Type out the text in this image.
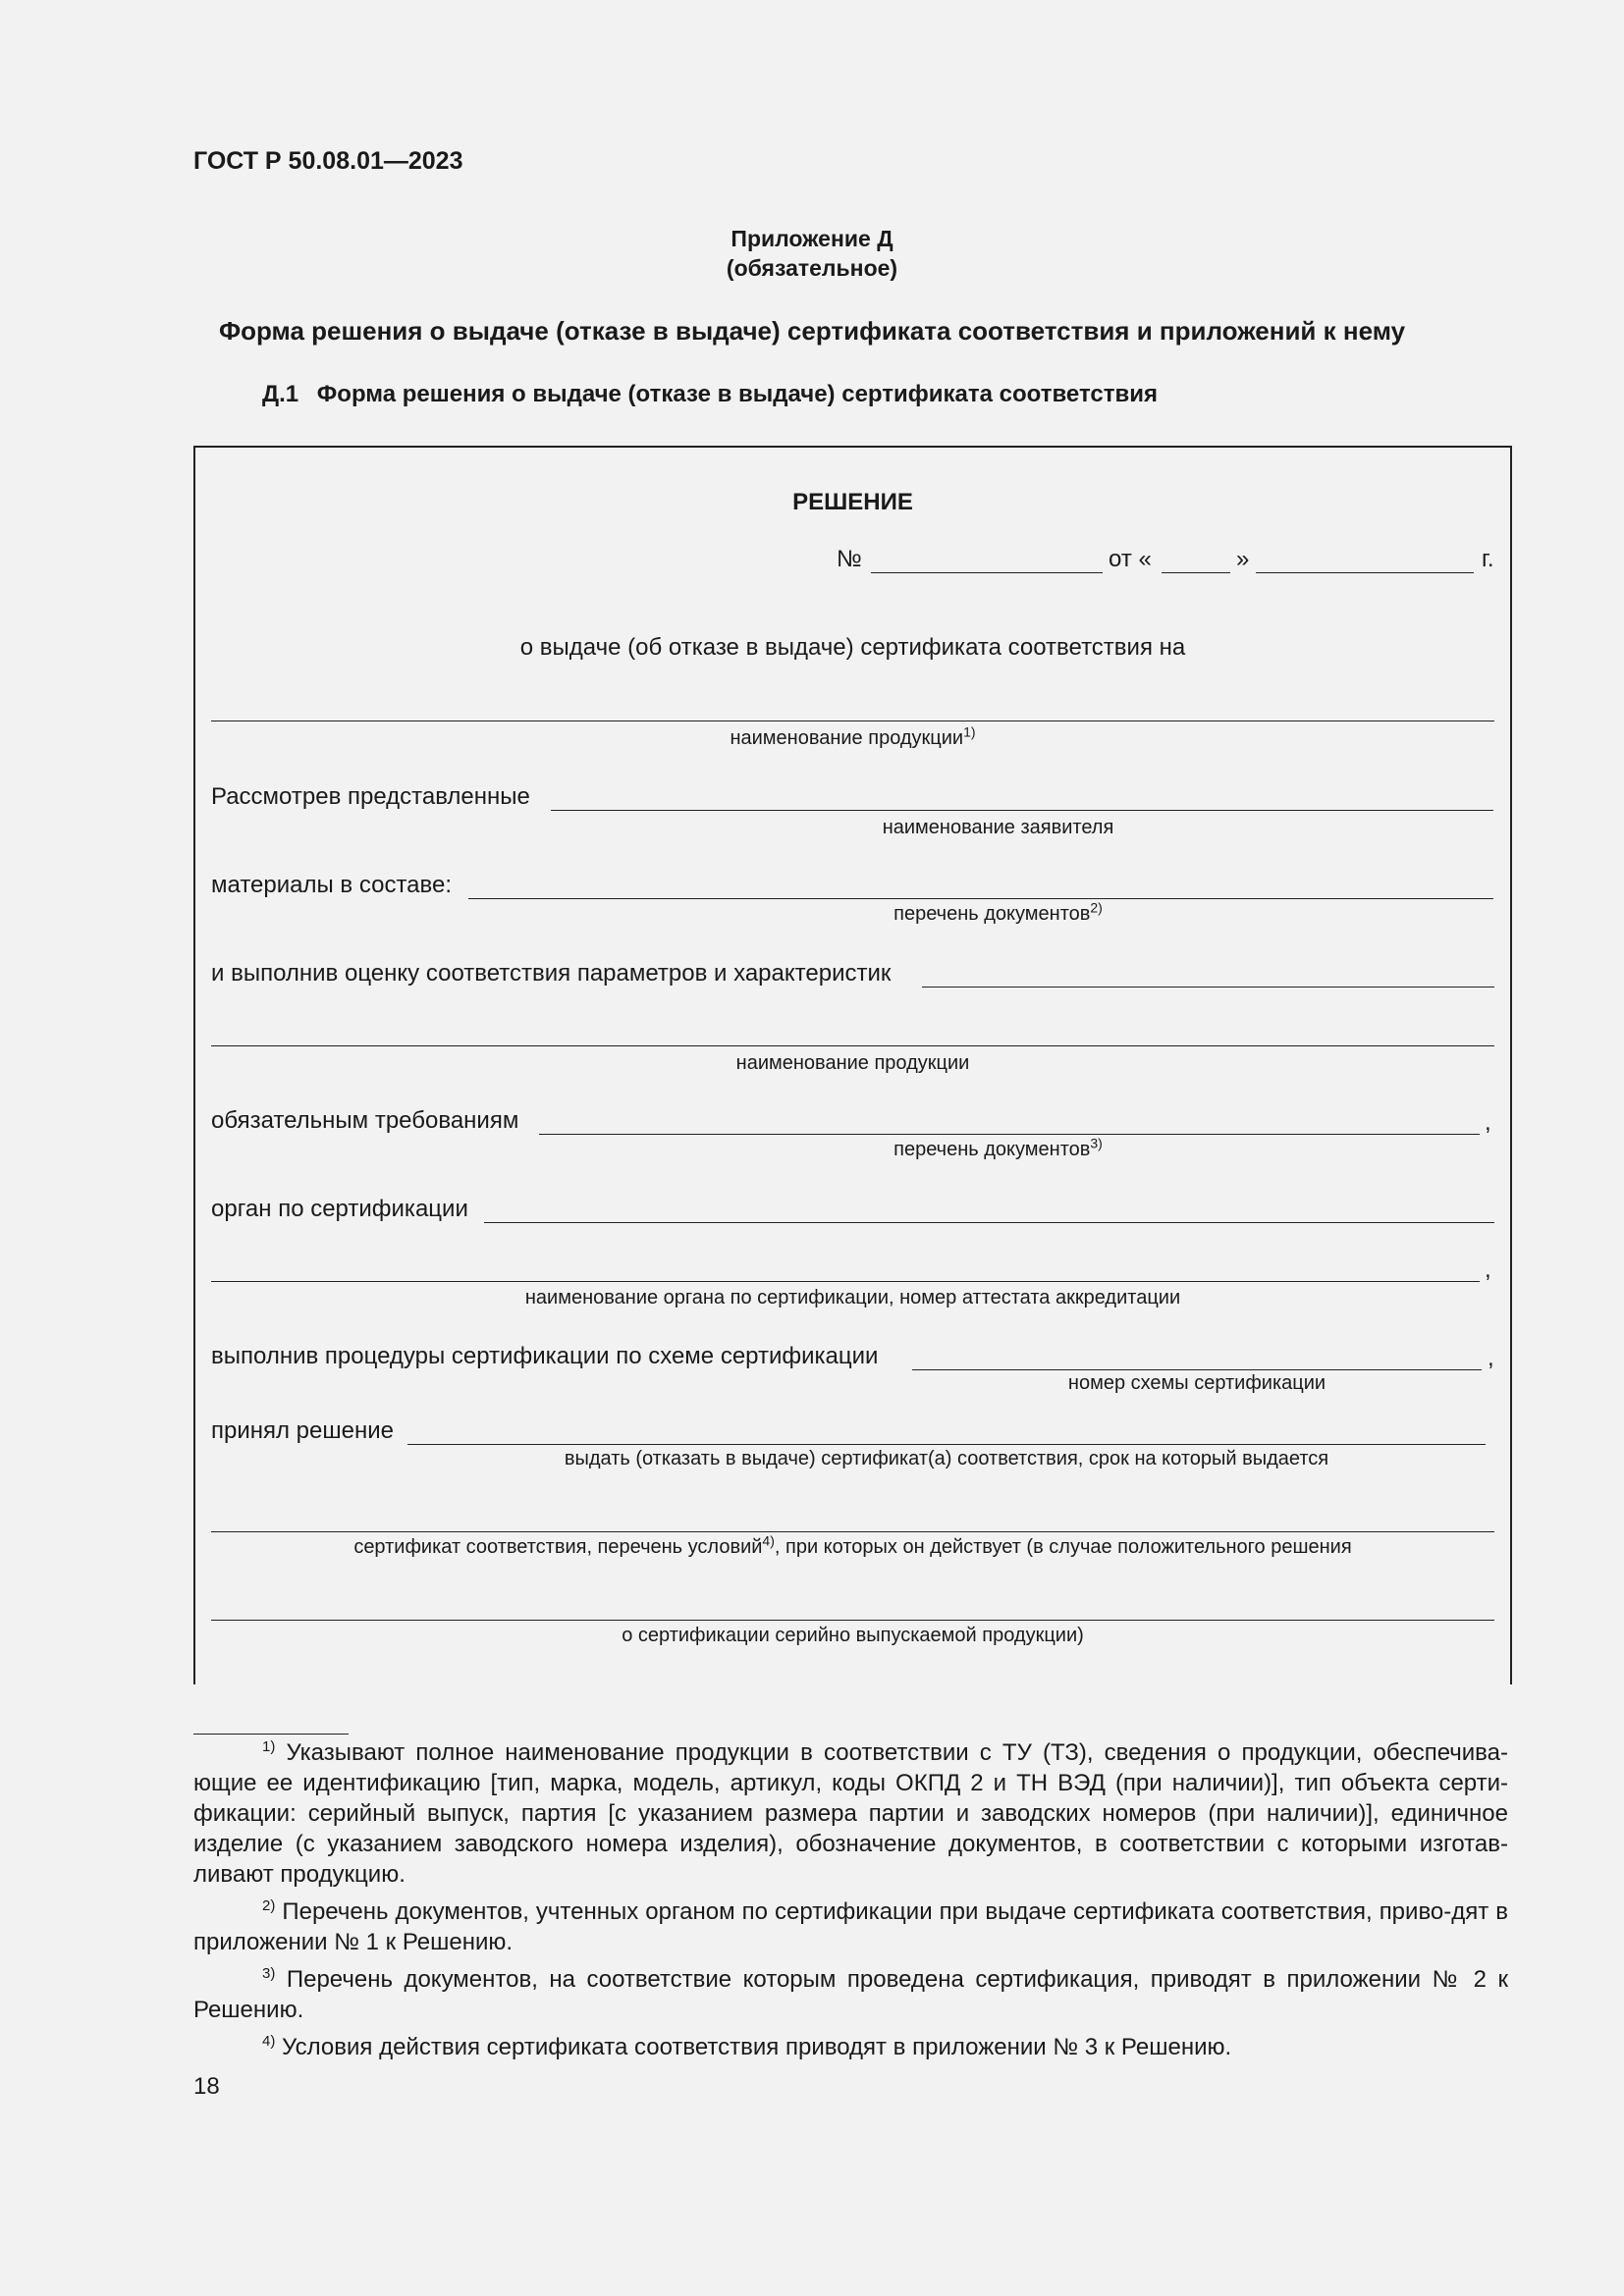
ГОСТ Р 50.08.01—2023
Приложение Д
(обязательное)
Форма решения о выдаче (отказе в выдаче) сертификата соответствия и приложений к нему
Д.1 Форма решения о выдаче (отказе в выдаче) сертификата соответствия
РЕШЕНИЕ
№	от «	»	г.
о выдаче (об отказе в выдаче) сертификата соответствия на
наименование продукции$^{1)}$
Рассмотрев представленные
наименование заявителя
материалы в составе:
перечень документов$^{2)}$
и выполнив оценку соответствия параметров и характеристик
наименование продукции
обязательным требованиям	,
перечень документов$^{3)}$
орган по сертификации
,
наименование органа по сертификации, номер аттестата аккредитации
выполнив процедуры сертификации по схеме сертификации	,
номер схемы сертификации
принял решение
выдать (отказать в выдаче) сертификат(а) соответствия, срок на который выдается
сертификат соответствия, перечень условий$^{4)}$, при которых он действует (в случае положительного решения
о сертификации серийно выпускаемой продукции)
$^{1)}$ Указывают полное наименование продукции в соответствии с ТУ (ТЗ), сведения о продукции, обеспечива-ющие ее идентификацию [тип, марка, модель, артикул, коды ОКПД 2 и ТН ВЭД (при наличии)], тип объекта серти-фикации: серийный выпуск, партия [с указанием размера партии и заводских номеров (при наличии)], единичное изделие (с указанием заводского номера изделия), обозначение документов, в соответствии с которыми изготав-ливают продукцию.
$^{2)}$ Перечень документов, учтенных органом по сертификации при выдаче сертификата соответствия, приво-дят в приложении № 1 к Решению.
$^{3)}$ Перечень документов, на соответствие которым проведена сертификация, приводят в приложении № 2 к Решению.
$^{4)}$ Условия действия сертификата соответствия приводят в приложении № 3 к Решению.
18
